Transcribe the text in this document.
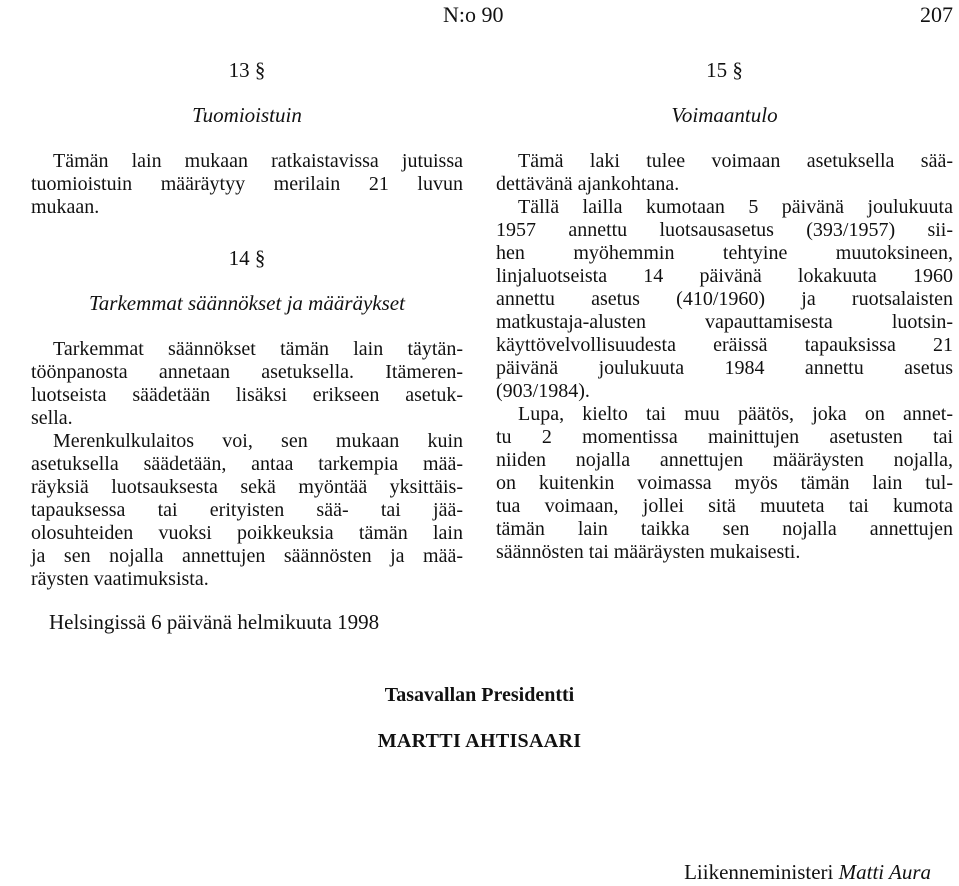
N:o 90	207
13 §
Tuomioistuin

Tämän lain mukaan ratkaistavissa jutuissa
tuomioistuin määräytyy merilain 21 luvun
mukaan.

14 §
Tarkemmat säännökset ja määräykset

Tarkemmat säännökset tämän lain täytän-
töönpanosta annetaan asetuksella. Itämeren-
luotseista säädetään lisäksi erikseen asetuk-
sella.

Merenkulkulaitos voi, sen mukaan kuin
asetuksella säädetään, antaa tarkempia mää-
räyksiä luotsauksesta sekä myöntää yksittäis-
tapauksessa tai erityisten sää- tai jää-
olosuhteiden vuoksi poikkeuksia tämän lain
ja sen nojalla annettujen säännösten ja mää-
räysten vaatimuksista.

15 §
Voimaantulo

Tämä laki tulee voimaan asetuksella sää-
dettävänä ajankohtana.

Tällä lailla kumotaan 5 päivänä joulukuuta
1957 annettu luotsausasetus (393/1957) sii-
hen myöhemmin tehtyine muutoksineen,
linjaluotseista 14 päivänä lokakuuta 1960
annettu asetus (410/1960) ja ruotsalaisten
matkustaja-alusten vapauttamisesta luotsin-
käyttövelvollisuudesta eräissä tapauksissa 21
päivänä joulukuuta 1984 annettu asetus
(903/1984).

Lupa, kielto tai muu päätös, joka on annet-
tu 2 momentissa mainittujen asetusten tai
niiden nojalla annettujen määräysten nojalla,
on kuitenkin voimassa myös tämän lain tul-
tua voimaan, jollei sitä muuteta tai kumota
tämän lain taikka sen nojalla annettujen
säännösten tai määräysten mukaisesti.

Helsingissä 6 päivänä helmikuuta 1998
Tasavallan Presidentti
MARTTI AHTISAARI
Liikenneministeri Matti Aura
